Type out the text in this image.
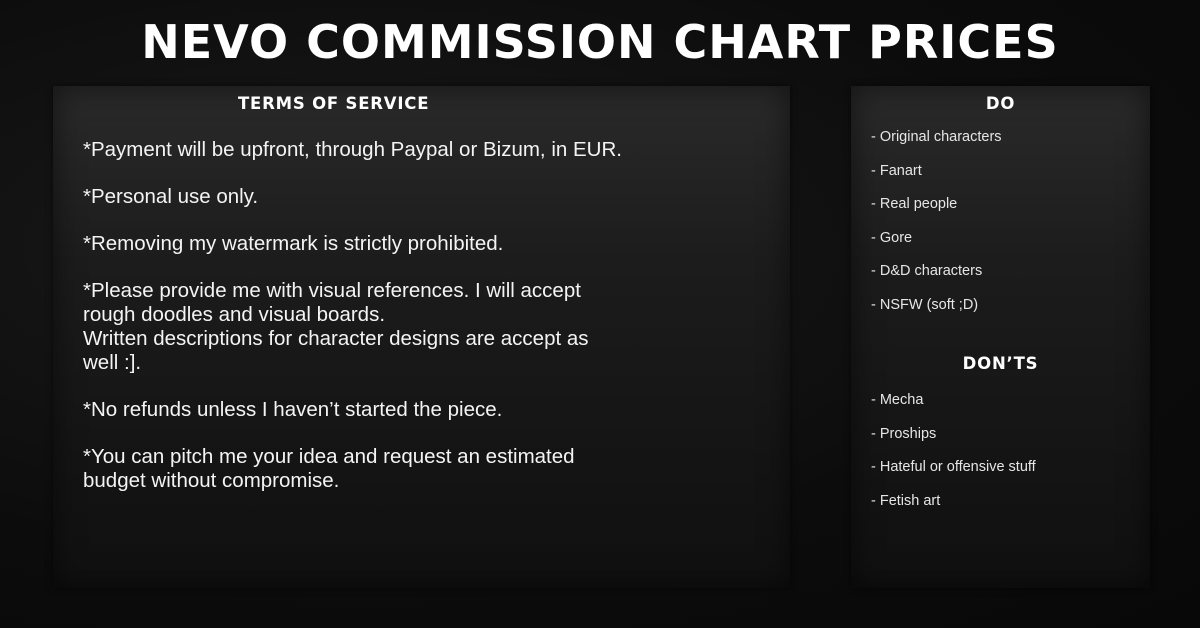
NEVO COMMISSION CHART PRICES
TERMS OF SERVICE
*Payment will be upfront, through Paypal or Bizum, in EUR.
*Personal use only.
*Removing my watermark is strictly prohibited.
*Please provide me with visual references. I will accept
rough doodles and visual boards.
Written descriptions for character designs are accept as
well :].
*No refunds unless I haven’t started the piece.
*You can pitch me your idea and request an estimated
budget without compromise.
DO
- Original characters
- Fanart
- Real people
- Gore
- D&D characters
- NSFW (soft ;D)
DON’TS
- Mecha
- Proships
- Hateful or offensive stuff
- Fetish art
